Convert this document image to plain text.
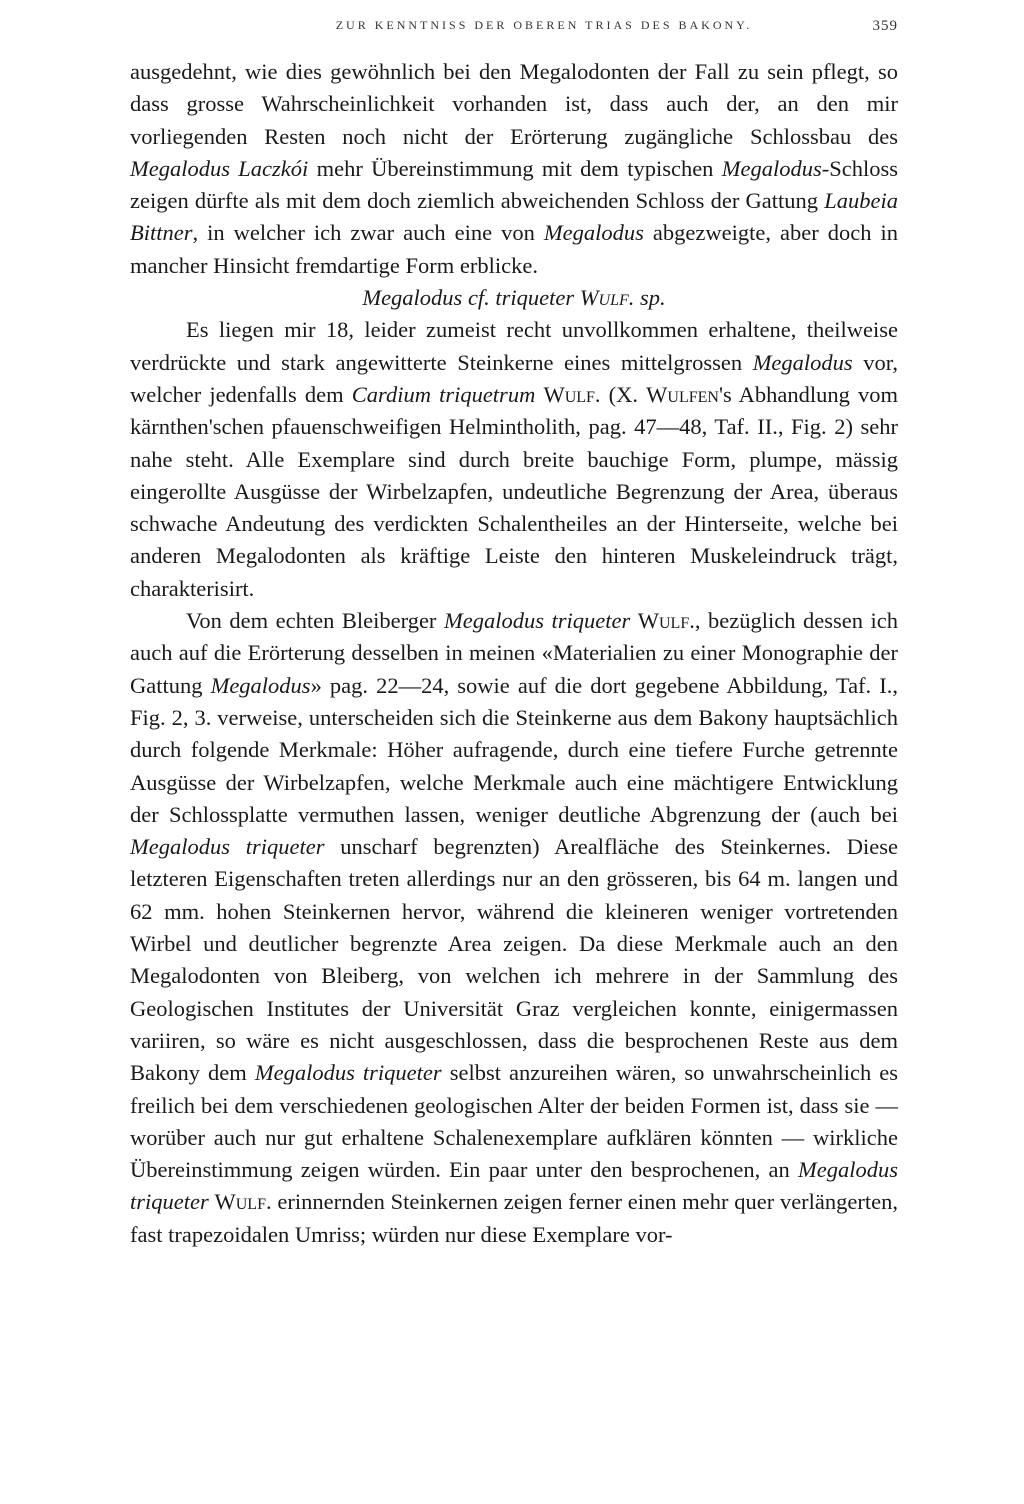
ZUR KENNTNISS DER OBEREN TRIAS DES BAKONY.	359

ausgedehnt, wie dies gewöhnlich bei den Megalodonten der Fall zu sein pflegt, so dass grosse Wahrscheinlichkeit vorhanden ist, dass auch der, an den mir vorliegenden Resten noch nicht der Erörterung zugängliche Schlossbau des Megalodus Laczkói mehr Übereinstimmung mit dem typischen Megalodus-Schloss zeigen dürfte als mit dem doch ziemlich abweichenden Schloss der Gattung Laubeia Bittner, in welcher ich zwar auch eine von Megalodus abgezweigte, aber doch in mancher Hinsicht fremdartige Form erblicke.

Megalodus cf. triqueter Wulf. sp.

Es liegen mir 18, leider zumeist recht unvollkommen erhaltene, theilweise verdrückte und stark angewitterte Steinkerne eines mittelgrossen Megalodus vor, welcher jedenfalls dem Cardium triquetrum Wulf. (X. Wulfen's Abhandlung vom kärnthen'schen pfauenschweifigen Helmintholith, pag. 47—48, Taf. II., Fig. 2) sehr nahe steht. Alle Exemplare sind durch breite bauchige Form, plumpe, mässig eingerollte Ausgüsse der Wirbelzapfen, undeutliche Begrenzung der Area, überaus schwache Andeutung des verdickten Schalentheiles an der Hinterseite, welche bei anderen Megalodonten als kräftige Leiste den hinteren Muskeleindruck trägt, charakterisirt.

Von dem echten Bleiberger Megalodus triqueter Wulf., bezüglich dessen ich auch auf die Erörterung desselben in meinen «Materialien zu einer Monographie der Gattung Megalodus» pag. 22—24, sowie auf die dort gegebene Abbildung, Taf. I., Fig. 2, 3. verweise, unterscheiden sich die Steinkerne aus dem Bakony hauptsächlich durch folgende Merkmale: Höher aufragende, durch eine tiefere Furche getrennte Ausgüsse der Wirbelzapfen, welche Merkmale auch eine mächtigere Entwicklung der Schlossplatte vermuthen lassen, weniger deutliche Abgrenzung der (auch bei Megalodus triqueter unscharf begrenzten) Arealfläche des Steinkernes. Diese letzteren Eigenschaften treten allerdings nur an den grösseren, bis 64 m. langen und 62 mm. hohen Steinkernen hervor, während die kleineren weniger vortretenden Wirbel und deutlicher begrenzte Area zeigen. Da diese Merkmale auch an den Megalodonten von Bleiberg, von welchen ich mehrere in der Sammlung des Geologischen Institutes der Universität Graz vergleichen konnte, einigermassen variiren, so wäre es nicht ausgeschlossen, dass die besprochenen Reste aus dem Bakony dem Megalodus triqueter selbst anzureihen wären, so unwahrscheinlich es freilich bei dem verschiedenen geologischen Alter der beiden Formen ist, dass sie — worüber auch nur gut erhaltene Schalenexemplare aufklären könnten — wirkliche Übereinstimmung zeigen würden. Ein paar unter den besprochenen, an Megalodus triqueter Wulf. erinnernden Steinkernen zeigen ferner einen mehr quer verlängerten, fast trapezoidalen Umriss; würden nur diese Exemplare vor-
